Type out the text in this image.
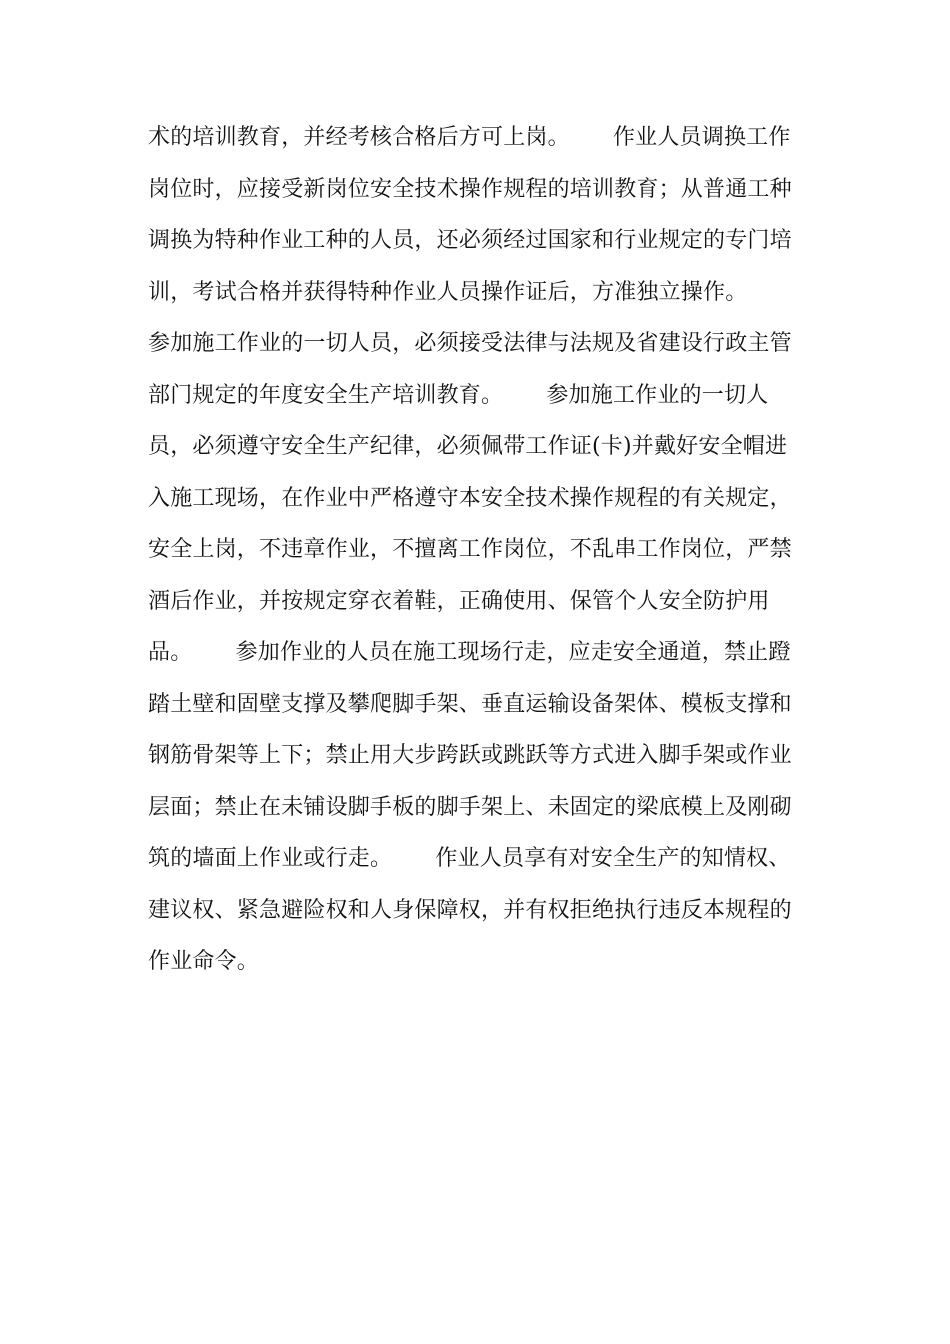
术的培训教育，并经考核合格后方可上岗。      作业人员调换工作

岗位时，应接受新岗位安全技术操作规程的培训教育；从普通工种

调换为特种作业工种的人员，还必须经过国家和行业规定的专门培

训，考试合格并获得特种作业人员操作证后，方准独立操作。

参加施工作业的一切人员，必须接受法律与法规及省建设行政主管

部门规定的年度安全生产培训教育。      参加施工作业的一切人

员，必须遵守安全生产纪律，必须佩带工作证(卡)并戴好安全帽进

入施工现场，在作业中严格遵守本安全技术操作规程的有关规定，

安全上岗，不违章作业，不擅离工作岗位，不乱串工作岗位，严禁

酒后作业，并按规定穿衣着鞋，正确使用、保管个人安全防护用

品。      参加作业的人员在施工现场行走，应走安全通道，禁止蹬

踏土壁和固壁支撑及攀爬脚手架、垂直运输设备架体、模板支撑和

钢筋骨架等上下；禁止用大步跨跃或跳跃等方式进入脚手架或作业

层面；禁止在未铺设脚手板的脚手架上、未固定的梁底模上及刚砌

筑的墙面上作业或行走。      作业人员享有对安全生产的知情权、

建议权、紧急避险权和人身保障权，并有权拒绝执行违反本规程的

作业命令。
